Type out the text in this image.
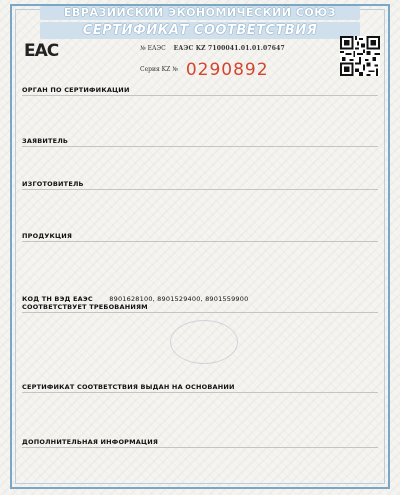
ЕВРАЗИЙСКИЙ ЭКОНОМИЧЕСКИЙ СОЮЗ
СЕРТИФИКАТ СООТВЕТСТВИЯ
EAC	№ ЕАЭС ЕАЭС KZ 7100041.01.01.07647
Серия KZ № 0290892
ОРГАН ПО СЕРТИФИКАЦИИ
ЗАЯВИТЕЛЬ
ИЗГОТОВИТЕЛЬ
ПРОДУКЦИЯ
КОД ТН ВЭД ЕАЭС	8901628100, 8901529400, 8901559900
СООТВЕТСТВУЕТ ТРЕБОВАНИЯМ
СЕРТИФИКАТ СООТВЕТСТВИЯ ВЫДАН НА ОСНОВАНИИ
ДОПОЛНИТЕЛЬНАЯ ИНФОРМАЦИЯ
